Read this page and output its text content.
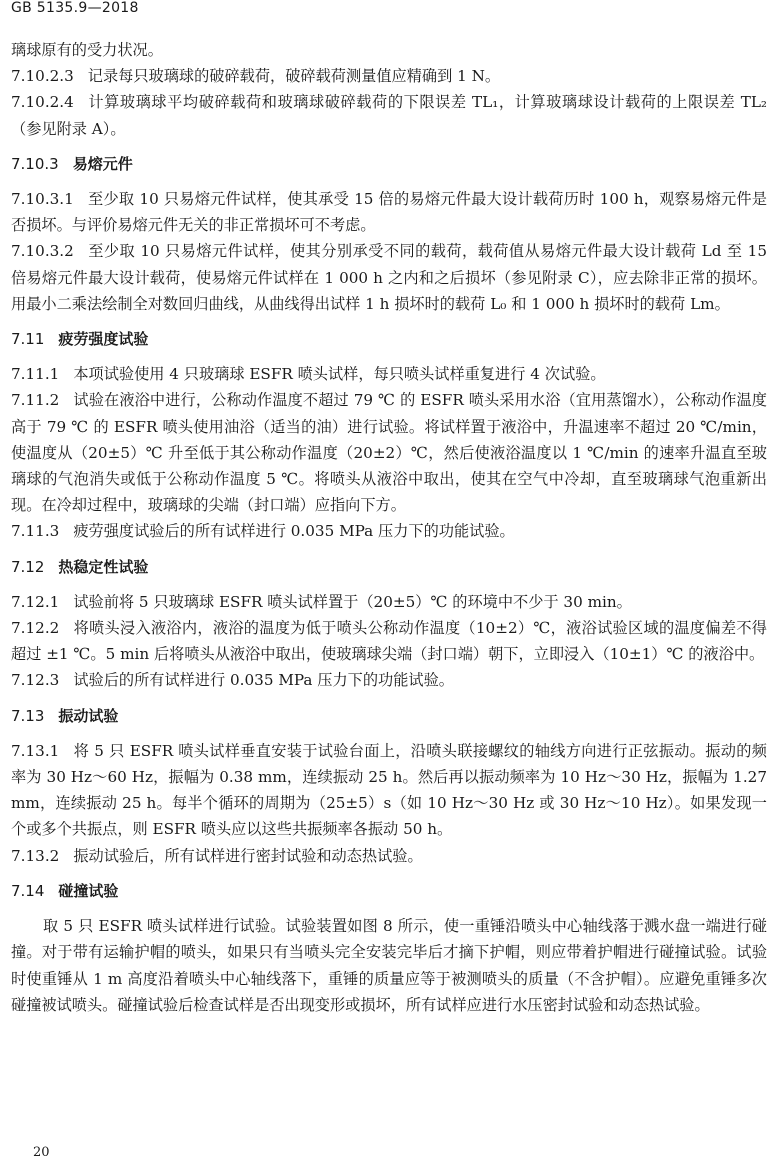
GB 5135.9—2018

璃球原有的受力状况。

7.10.2.3 记录每只玻璃球的破碎载荷，破碎载荷测量值应精确到 1 N。

7.10.2.4 计算玻璃球平均破碎载荷和玻璃球破碎载荷的下限误差 TL₁，计算玻璃球设计载荷的上限误差 TL₂（参见附录 A）。

7.10.3 易熔元件

7.10.3.1 至少取 10 只易熔元件试样，使其承受 15 倍的易熔元件最大设计载荷历时 100 h，观察易熔元件是否损坏。与评价易熔元件无关的非正常损坏可不考虑。

7.10.3.2 至少取 10 只易熔元件试样，使其分别承受不同的载荷，载荷值从易熔元件最大设计载荷 Ld 至 15 倍易熔元件最大设计载荷，使易熔元件试样在 1 000 h 之内和之后损坏（参见附录 C），应去除非正常的损坏。用最小二乘法绘制全对数回归曲线，从曲线得出试样 1 h 损坏时的载荷 L₀ 和 1 000 h 损坏时的载荷 Lm。

7.11 疲劳强度试验

7.11.1 本项试验使用 4 只玻璃球 ESFR 喷头试样，每只喷头试样重复进行 4 次试验。

7.11.2 试验在液浴中进行，公称动作温度不超过 79 ℃ 的 ESFR 喷头采用水浴（宜用蒸馏水），公称动作温度高于 79 ℃ 的 ESFR 喷头使用油浴（适当的油）进行试验。将试样置于液浴中，升温速率不超过 20 ℃/min，使温度从（20±5）℃ 升至低于其公称动作温度（20±2）℃，然后使液浴温度以 1 ℃/min 的速率升温直至玻璃球的气泡消失或低于公称动作温度 5 ℃。将喷头从液浴中取出，使其在空气中冷却，直至玻璃球气泡重新出现。在冷却过程中，玻璃球的尖端（封口端）应指向下方。

7.11.3 疲劳强度试验后的所有试样进行 0.035 MPa 压力下的功能试验。

7.12 热稳定性试验

7.12.1 试验前将 5 只玻璃球 ESFR 喷头试样置于（20±5）℃ 的环境中不少于 30 min。

7.12.2 将喷头浸入液浴内，液浴的温度为低于喷头公称动作温度（10±2）℃，液浴试验区域的温度偏差不得超过 ±1 ℃。5 min 后将喷头从液浴中取出，使玻璃球尖端（封口端）朝下，立即浸入（10±1）℃ 的液浴中。

7.12.3 试验后的所有试样进行 0.035 MPa 压力下的功能试验。

7.13 振动试验

7.13.1 将 5 只 ESFR 喷头试样垂直安装于试验台面上，沿喷头联接螺纹的轴线方向进行正弦振动。振动的频率为 30 Hz～60 Hz，振幅为 0.38 mm，连续振动 25 h。然后再以振动频率为 10 Hz～30 Hz，振幅为 1.27 mm，连续振动 25 h。每半个循环的周期为（25±5）s（如 10 Hz～30 Hz 或 30 Hz～10 Hz）。如果发现一个或多个共振点，则 ESFR 喷头应以这些共振频率各振动 50 h。

7.13.2 振动试验后，所有试样进行密封试验和动态热试验。

7.14 碰撞试验

取 5 只 ESFR 喷头试样进行试验。试验装置如图 8 所示，使一重锤沿喷头中心轴线落于溅水盘一端进行碰撞。对于带有运输护帽的喷头，如果只有当喷头完全安装完毕后才摘下护帽，则应带着护帽进行碰撞试验。试验时使重锤从 1 m 高度沿着喷头中心轴线落下，重锤的质量应等于被测喷头的质量（不含护帽）。应避免重锤多次碰撞被试喷头。碰撞试验后检查试样是否出现变形或损坏，所有试样应进行水压密封试验和动态热试验。

20
